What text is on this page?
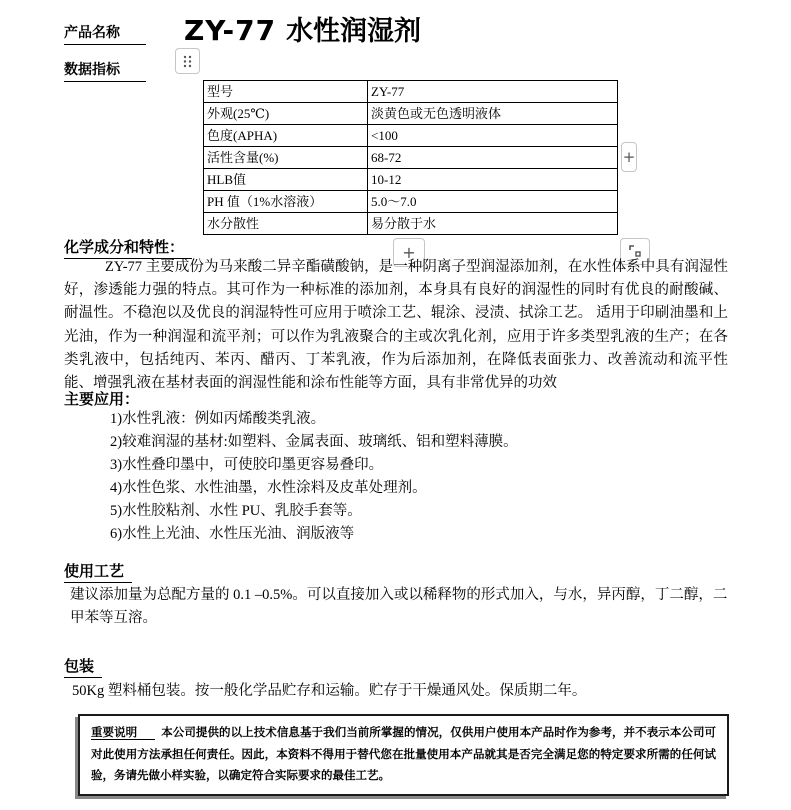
产品名称	ZY-77 水性润湿剂
数据指标
+
+
型号	ZY-77
外观(25℃)	淡黄色或无色透明液体
色度(APHA)	<100
活性含量(%)	68-72
HLB值	10-12
PH 值（1%水溶液）	5.0～7.0
水分散性	易分散于水
化学成分和特性：

ZY-77 主要成份为马来酸二异辛酯磺酸钠，是一种阴离子型润湿添加剂，在水性体系中具有润湿性好，渗透能力强的特点。其可作为一种标准的添加剂，本身具有良好的润湿性的同时有优良的耐酸碱、耐温性。不稳泡以及优良的润湿特性可应用于喷涂工艺、辊涂、浸渍、拭涂工艺。 适用于印刷油墨和上光油，作为一种润湿和流平剂；可以作为乳液聚合的主或次乳化剂，应用于许多类型乳液的生产；在各类乳液中，包括纯丙、苯丙、醋丙、丁苯乳液，作为后添加剂，在降低表面张力、改善流动和流平性能、增强乳液在基材表面的润湿性能和涂布性能等方面，具有非常优异的功效

主要应用：
1)水性乳液：例如丙烯酸类乳液。
2)较难润湿的基材:如塑料、金属表面、玻璃纸、铝和塑料薄膜。
3)水性叠印墨中，可使胶印墨更容易叠印。
4)水性色浆、水性油墨，水性涂料及皮革处理剂。
5)水性胶粘剂、水性 PU、乳胶手套等。
6)水性上光油、水性压光油、润版液等
使用工艺

建议添加量为总配方量的 0.1 –0.5%。可以直接加入或以稀释物的形式加入，与水，异丙醇，丁二醇，二甲苯等互溶。

包装

50Kg 塑料桶包装。按一般化学品贮存和运输。贮存于干燥通风处。保质期二年。

重要说明 本公司提供的以上技术信息基于我们当前所掌握的情况，仅供用户使用本产品时作为参考，并不表示本公司可对此使用方法承担任何责任。因此，本资料不得用于替代您在批量使用本产品就其是否完全满足您的特定要求所需的任何试验，务请先做小样实验，以确定符合实际要求的最佳工艺。
